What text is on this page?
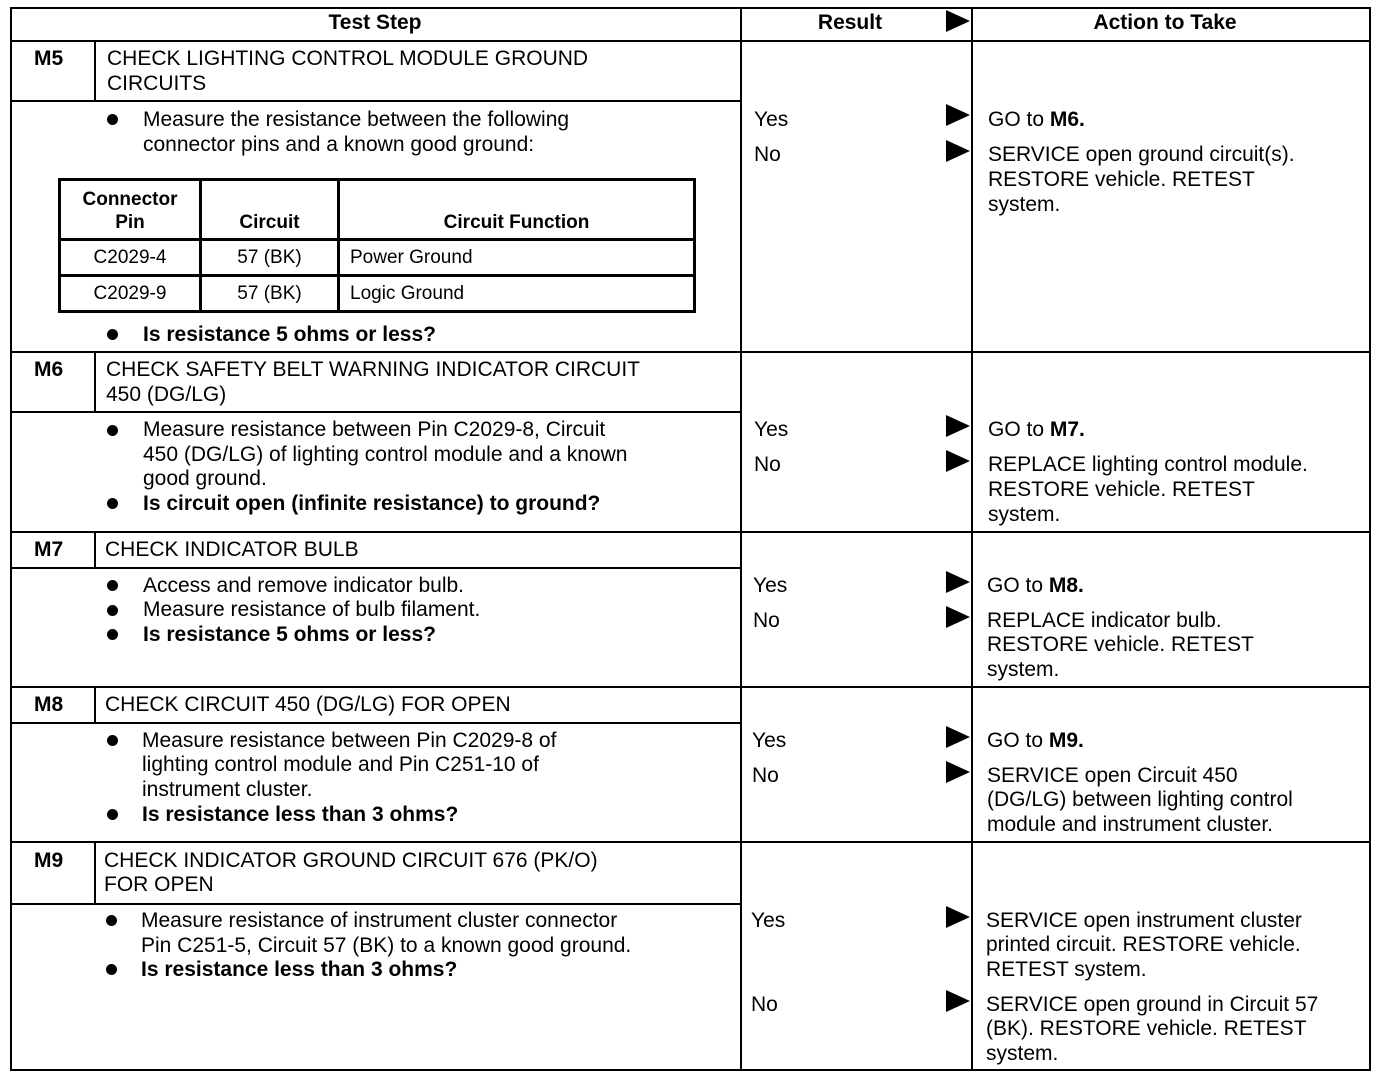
Test Step	Result	Action to Take
M5 CHECK LIGHTING CONTROL MODULE GROUND
CIRCUITS
Measure the resistance between the following
connector pins and a known good ground:
Connector
Pin	Circuit	Circuit Function
C2029-4	57 (BK)	Power Ground
C2029-9	57 (BK)	Logic Ground
Is resistance 5 ohms or less?
Yes	GO to M6.
No	SERVICE open ground circuit(s).
RESTORE vehicle. RETEST
system.
M6 CHECK SAFETY BELT WARNING INDICATOR CIRCUIT
450 (DG/LG)
Measure resistance between Pin C2029-8, Circuit
450 (DG/LG) of lighting control module and a known
good ground.
Is circuit open (infinite resistance) to ground?
Yes	GO to M7.
No	REPLACE lighting control module.
RESTORE vehicle. RETEST
system.
M7 CHECK INDICATOR BULB
Access and remove indicator bulb.
Measure resistance of bulb filament.
Is resistance 5 ohms or less?
Yes	GO to M8.
No	REPLACE indicator bulb.
RESTORE vehicle. RETEST
system.
M8 CHECK CIRCUIT 450 (DG/LG) FOR OPEN
Measure resistance between Pin C2029-8 of
lighting control module and Pin C251-10 of
instrument cluster.
Is resistance less than 3 ohms?
Yes	GO to M9.
No	SERVICE open Circuit 450
(DG/LG) between lighting control
module and instrument cluster.
M9 CHECK INDICATOR GROUND CIRCUIT 676 (PK/O)
FOR OPEN
Measure resistance of instrument cluster connector
Pin C251-5, Circuit 57 (BK) to a known good ground.
Is resistance less than 3 ohms?
Yes	SERVICE open instrument cluster
printed circuit. RESTORE vehicle.
RETEST system.
No	SERVICE open ground in Circuit 57
(BK). RESTORE vehicle. RETEST
system.
